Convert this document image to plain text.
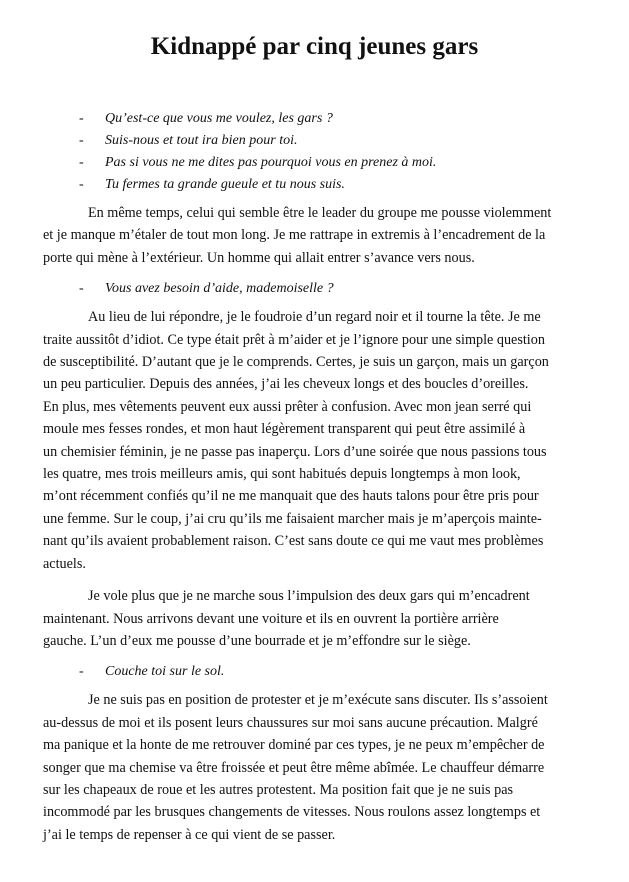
Kidnappé par cinq jeunes gars
- Qu’est-ce que vous me voulez, les gars ?
- Suis-nous et tout ira bien pour toi.
- Pas si vous ne me dites pas pourquoi vous en prenez à moi.
- Tu fermes ta grande gueule et tu nous suis.
En même temps, celui qui semble être le leader du groupe me pousse violemment
et je manque m’étaler de tout mon long. Je me rattrape in extremis à l’encadrement de la
porte qui mène à l’extérieur. Un homme qui allait entrer s’avance vers nous.
- Vous avez besoin d’aide, mademoiselle ?
Au lieu de lui répondre, je le foudroie d’un regard noir et il tourne la tête. Je me
traite aussitôt d’idiot. Ce type était prêt à m’aider et je l’ignore pour une simple question
de susceptibilité. D’autant que je le comprends. Certes, je suis un garçon, mais un garçon
un peu particulier. Depuis des années, j’ai les cheveux longs et des boucles d’oreilles.
En plus, mes vêtements peuvent eux aussi prêter à confusion. Avec mon jean serré qui
moule mes fesses rondes, et mon haut légèrement transparent qui peut être assimilé à
un chemisier féminin, je ne passe pas inaperçu. Lors d’une soirée que nous passions tous
les quatre, mes trois meilleurs amis, qui sont habitués depuis longtemps à mon look,
m’ont récemment confiés qu’il ne me manquait que des hauts talons pour être pris pour
une femme. Sur le coup, j’ai cru qu’ils me faisaient marcher mais je m’aperçois mainte-
nant qu’ils avaient probablement raison. C’est sans doute ce qui me vaut mes problèmes
actuels.
Je vole plus que je ne marche sous l’impulsion des deux gars qui m’encadrent
maintenant. Nous arrivons devant une voiture et ils en ouvrent la portière arrière
gauche. L’un d’eux me pousse d’une bourrade et je m’effondre sur le siège.
- Couche toi sur le sol.
Je ne suis pas en position de protester et je m’exécute sans discuter. Ils s’assoient
au-dessus de moi et ils posent leurs chaussures sur moi sans aucune précaution. Malgré
ma panique et la honte de me retrouver dominé par ces types, je ne peux m’empêcher de
songer que ma chemise va être froissée et peut être même abîmée. Le chauffeur démarre
sur les chapeaux de roue et les autres protestent. Ma position fait que je ne suis pas
incommodé par les brusques changements de vitesses. Nous roulons assez longtemps et
j’ai le temps de repenser à ce qui vient de se passer.
